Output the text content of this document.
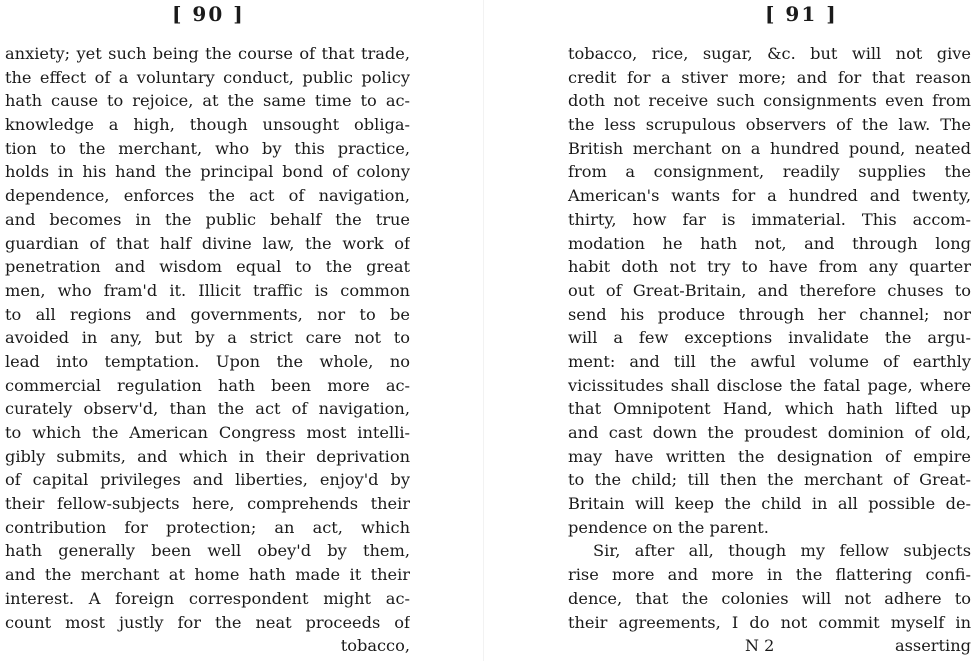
[ 90 ]
anxiety; yet such being the course of that trade,
the effect of a voluntary conduct, public policy
hath cause to rejoice, at the same time to ac-
knowledge a high, though unsought obliga-
tion to the merchant, who by this practice,
holds in his hand the principal bond of colony
dependence, enforces the act of navigation,
and becomes in the public behalf the true
guardian of that half divine law, the work of
penetration and wisdom equal to the great
men, who fram'd it. Illicit traffic is common
to all regions and governments, nor to be
avoided in any, but by a strict care not to
lead into temptation. Upon the whole, no
commercial regulation hath been more ac-
curately observ'd, than the act of navigation,
to which the American Congress most intelli-
gibly submits, and which in their deprivation
of capital privileges and liberties, enjoy'd by
their fellow-subjects here, comprehends their
contribution for protection; an act, which
hath generally been well obey'd by them,
and the merchant at home hath made it their
interest. A foreign correspondent might ac-
count most justly for the neat proceeds of
tobacco,
[ 91 ]
tobacco, rice, sugar, &c. but will not give
credit for a stiver more; and for that reason
doth not receive such consignments even from
the less scrupulous observers of the law. The
British merchant on a hundred pound, neated
from a consignment, readily supplies the
American's wants for a hundred and twenty,
thirty, how far is immaterial. This accom-
modation he hath not, and through long
habit doth not try to have from any quarter
out of Great-Britain, and therefore chuses to
send his produce through her channel; nor
will a few exceptions invalidate the argu-
ment: and till the awful volume of earthly
vicissitudes shall disclose the fatal page, where
that Omnipotent Hand, which hath lifted up
and cast down the proudest dominion of old,
may have written the designation of empire
to the child; till then the merchant of Great-
Britain will keep the child in all possible de-
pendence on the parent.
Sir, after all, though my fellow subjects
rise more and more in the flattering confi-
dence, that the colonies will not adhere to
their agreements, I do not commit myself in
N 2	asserting
